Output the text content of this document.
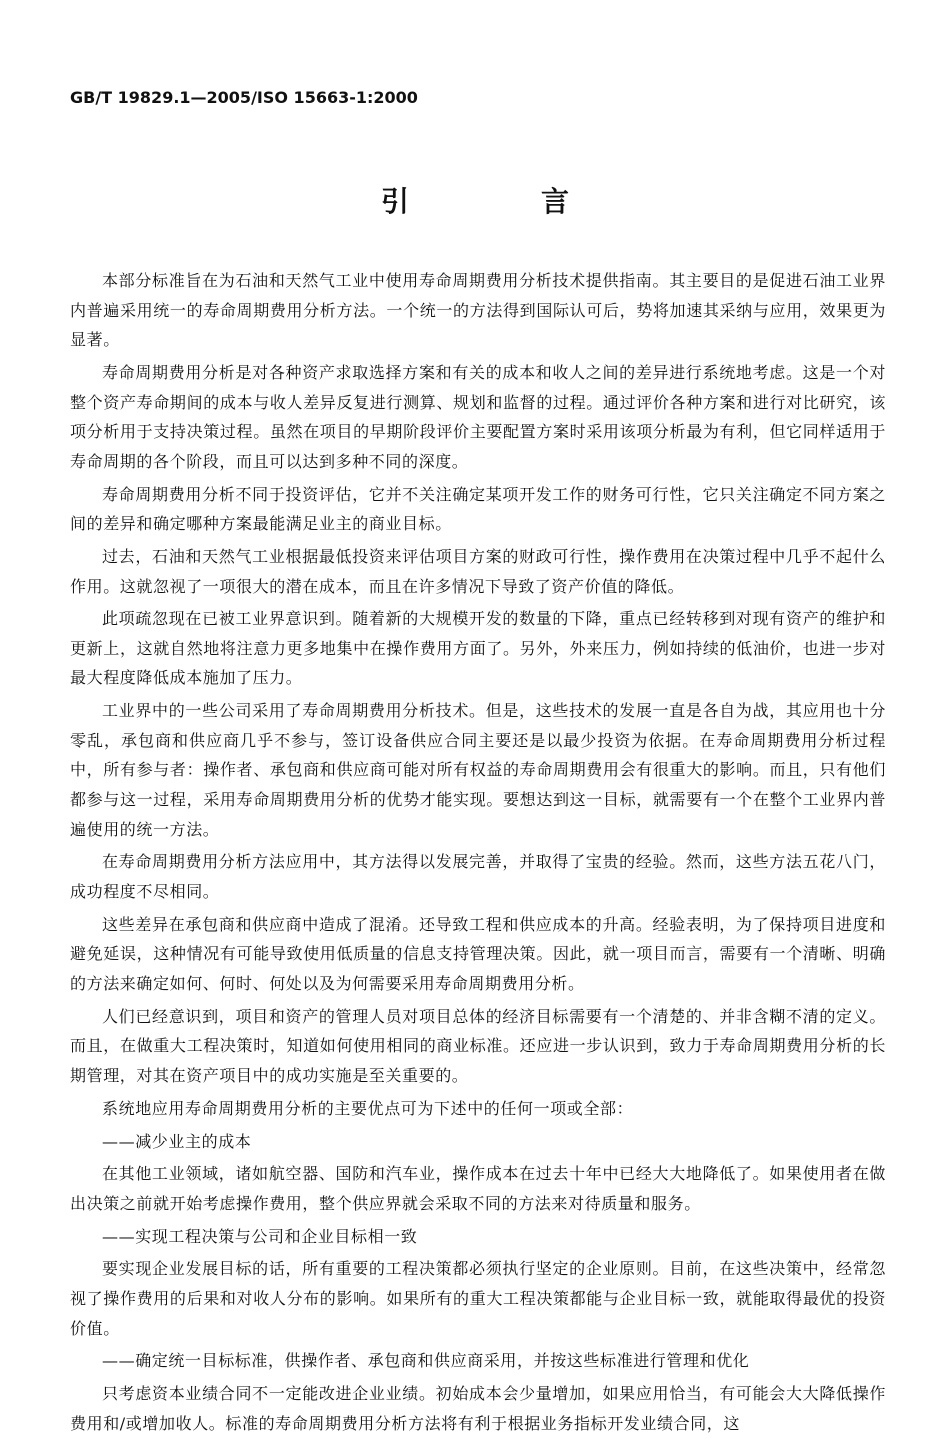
GB/T 19829.1—2005/ISO 15663-1:2000
引　言

本部分标准旨在为石油和天然气工业中使用寿命周期费用分析技术提供指南。其主要目的是促进石油工业界内普遍采用统一的寿命周期费用分析方法。一个统一的方法得到国际认可后，势将加速其采纳与应用，效果更为显著。

寿命周期费用分析是对各种资产求取选择方案和有关的成本和收人之间的差异进行系统地考虑。这是一个对整个资产寿命期间的成本与收人差异反复进行测算、规划和监督的过程。通过评价各种方案和进行对比研究，该项分析用于支持决策过程。虽然在项目的早期阶段评价主要配置方案时采用该项分析最为有利，但它同样适用于寿命周期的各个阶段，而且可以达到多种不同的深度。

寿命周期费用分析不同于投资评估，它并不关注确定某项开发工作的财务可行性，它只关注确定不同方案之间的差异和确定哪种方案最能满足业主的商业目标。

过去，石油和天然气工业根据最低投资来评估项目方案的财政可行性，操作费用在决策过程中几乎不起什么作用。这就忽视了一项很大的潜在成本，而且在许多情况下导致了资产价值的降低。

此项疏忽现在已被工业界意识到。随着新的大规模开发的数量的下降，重点已经转移到对现有资产的维护和更新上，这就自然地将注意力更多地集中在操作费用方面了。另外，外来压力，例如持续的低油价，也进一步对最大程度降低成本施加了压力。

工业界中的一些公司采用了寿命周期费用分析技术。但是，这些技术的发展一直是各自为战，其应用也十分零乱，承包商和供应商几乎不参与，签订设备供应合同主要还是以最少投资为依据。在寿命周期费用分析过程中，所有参与者：操作者、承包商和供应商可能对所有权益的寿命周期费用会有很重大的影响。而且，只有他们都参与这一过程，采用寿命周期费用分析的优势才能实现。要想达到这一目标，就需要有一个在整个工业界内普遍使用的统一方法。

在寿命周期费用分析方法应用中，其方法得以发展完善，并取得了宝贵的经验。然而，这些方法五花八门，成功程度不尽相同。

这些差异在承包商和供应商中造成了混淆。还导致工程和供应成本的升高。经验表明，为了保持项目进度和避免延误，这种情况有可能导致使用低质量的信息支持管理决策。因此，就一项目而言，需要有一个清晰、明确的方法来确定如何、何时、何处以及为何需要采用寿命周期费用分析。

人们已经意识到，项目和资产的管理人员对项目总体的经济目标需要有一个清楚的、并非含糊不清的定义。而且，在做重大工程决策时，知道如何使用相同的商业标准。还应进一步认识到，致力于寿命周期费用分析的长期管理，对其在资产项目中的成功实施是至关重要的。

系统地应用寿命周期费用分析的主要优点可为下述中的任何一项或全部：

——减少业主的成本

在其他工业领域，诸如航空器、国防和汽车业，操作成本在过去十年中已经大大地降低了。如果使用者在做出决策之前就开始考虑操作费用，整个供应界就会采取不同的方法来对待质量和服务。

——实现工程决策与公司和企业目标相一致

要实现企业发展目标的话，所有重要的工程决策都必须执行坚定的企业原则。目前，在这些决策中，经常忽视了操作费用的后果和对收人分布的影响。如果所有的重大工程决策都能与企业目标一致，就能取得最优的投资价值。

——确定统一目标标准，供操作者、承包商和供应商采用，并按这些标准进行管理和优化

只考虑资本业绩合同不一定能改进企业业绩。初始成本会少量增加，如果应用恰当，有可能会大大降低操作费用和/或增加收人。标准的寿命周期费用分析方法将有利于根据业务指标开发业绩合同，这
